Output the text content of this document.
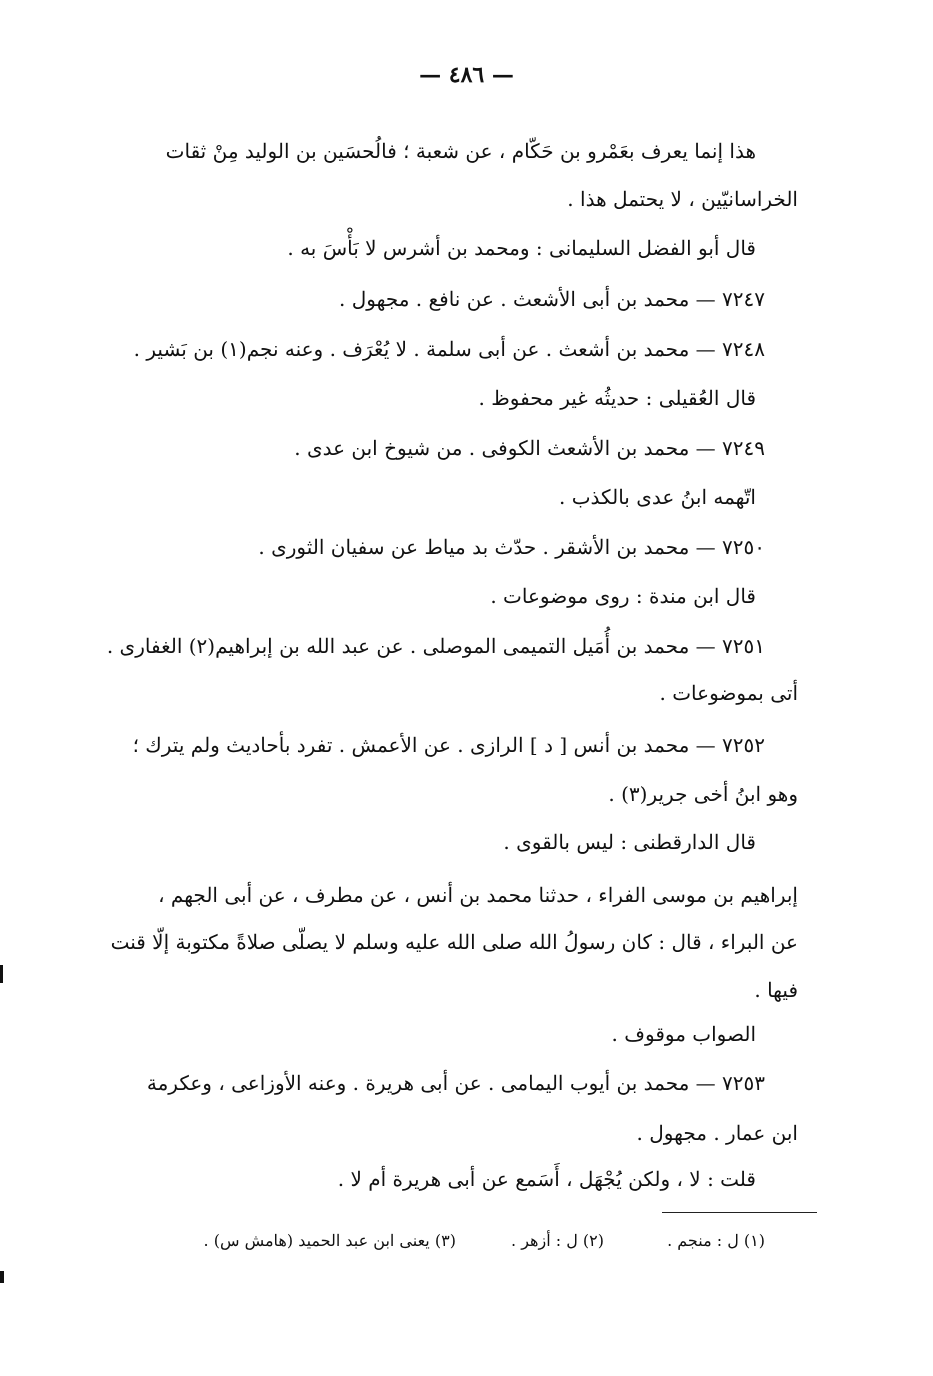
— ٤٨٦ —
هذا إنما يعرف بعَمْرو بن حَكّام ، عن شعبة ؛ فالُحسَين بن الوليد مِنْ ثقات
الخراسانيّين ، لا يحتمل هذا .
قال أبو الفضل السليمانى : ومحمد بن أشرس لا بَأْسَ به .
٧٢٤٧ — محمد بن أبى الأشعث . عن نافع . مجهول .
٧٢٤٨ — محمد بن أشعث . عن أبى سلمة . لا يُعْرَف . وعنه نجم(١) بن بَشير .
قال العُقيلى : حديثُه غير محفوظ .
٧٢٤٩ — محمد بن الأشعث الكوفى . من شيوخ ابن عدى .
اتّهمه ابنُ عدى بالكذب .
٧٢٥٠ — محمد بن الأشقر . حدّث بد مياط عن سفيان الثورى .
قال ابن مندة : روى موضوعات .
٧٢٥١ — محمد بن أُمَيل التميمى الموصلى . عن عبد الله بن إبراهيم(٢) الغفارى .
أتى بموضوعات .
٧٢٥٢ — محمد بن أنس [ د ] الرازى . عن الأعمش . تفرد بأحاديث ولم يترك ؛
وهو ابنُ أخى جرير(٣) .
قال الدارقطنى : ليس بالقوى .
إبراهيم بن موسى الفراء ، حدثنا محمد بن أنس ، عن مطرف ، عن أبى الجهم ،
عن البراء ، قال : كان رسولُ الله صلى الله عليه وسلم لا يصلّى صلاةً مكتوبة إلّا قنت
فيها .
الصواب موقوف .
٧٢٥٣ — محمد بن أيوب اليمامى . عن أبى هريرة . وعنه الأوزاعى ، وعكرمة
ابن عمار . مجهول .
قلت : لا ، ولكن يُجْهَل ، أَسَمع عن أبى هريرة أم لا .
(١) ل : منجم . (٢) ل : أزهر . (٣) يعنى ابن عبد الحميد (هامش س) .
